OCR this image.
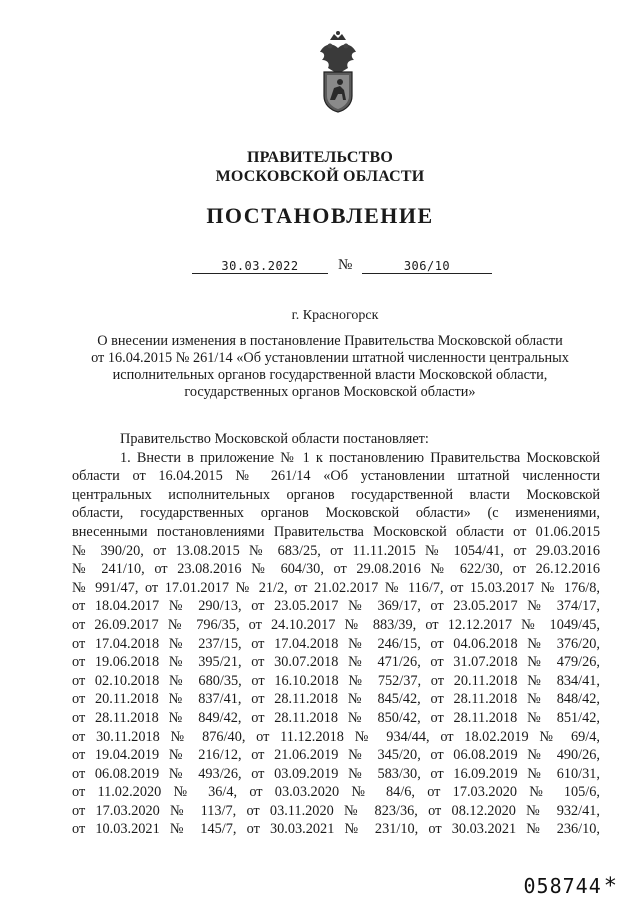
ПРАВИТЕЛЬСТВО
МОСКОВСКОЙ ОБЛАСТИ
ПОСТАНОВЛЕНИЕ
30.03.2022	№	306/10
г. Красногорск
О внесении изменения в постановление Правительства Московской области
от 16.04.2015 № 261/14 «Об установлении штатной численности центральных
исполнительных органов государственной власти Московской области,
государственных органов Московской области»
Правительство Московской области постановляет:
1. Внести в приложение № 1 к постановлению Правительства Московской
области от 16.04.2015 № 261/14 «Об установлении штатной численности
центральных исполнительных органов государственной власти Московской
области, государственных органов Московской области» (с изменениями,
внесенными постановлениями Правительства Московской области от 01.06.2015
№ 390/20, от 13.08.2015 № 683/25, от 11.11.2015 № 1054/41, от 29.03.2016
№ 241/10, от 23.08.2016 № 604/30, от 29.08.2016 № 622/30, от 26.12.2016
№ 991/47, от 17.01.2017 № 21/2, от 21.02.2017 № 116/7, от 15.03.2017 № 176/8,
от 18.04.2017 № 290/13, от 23.05.2017 № 369/17, от 23.05.2017 № 374/17,
от 26.09.2017 № 796/35, от 24.10.2017 № 883/39, от 12.12.2017 № 1049/45,
от 17.04.2018 № 237/15, от 17.04.2018 № 246/15, от 04.06.2018 № 376/20,
от 19.06.2018 № 395/21, от 30.07.2018 № 471/26, от 31.07.2018 № 479/26,
от 02.10.2018 № 680/35, от 16.10.2018 № 752/37, от 20.11.2018 № 834/41,
от 20.11.2018 № 837/41, от 28.11.2018 № 845/42, от 28.11.2018 № 848/42,
от 28.11.2018 № 849/42, от 28.11.2018 № 850/42, от 28.11.2018 № 851/42,
от 30.11.2018 № 876/40, от 11.12.2018 № 934/44, от 18.02.2019 № 69/4,
от 19.04.2019 № 216/12, от 21.06.2019 № 345/20, от 06.08.2019 № 490/26,
от 06.08.2019 № 493/26, от 03.09.2019 № 583/30, от 16.09.2019 № 610/31,
от 11.02.2020 № 36/4, от 03.03.2020 № 84/6, от 17.03.2020 № 105/6,
от 17.03.2020 № 113/7, от 03.11.2020 № 823/36, от 08.12.2020 № 932/41,
от 10.03.2021 № 145/7, от 30.03.2021 № 231/10, от 30.03.2021 № 236/10,
058744*
